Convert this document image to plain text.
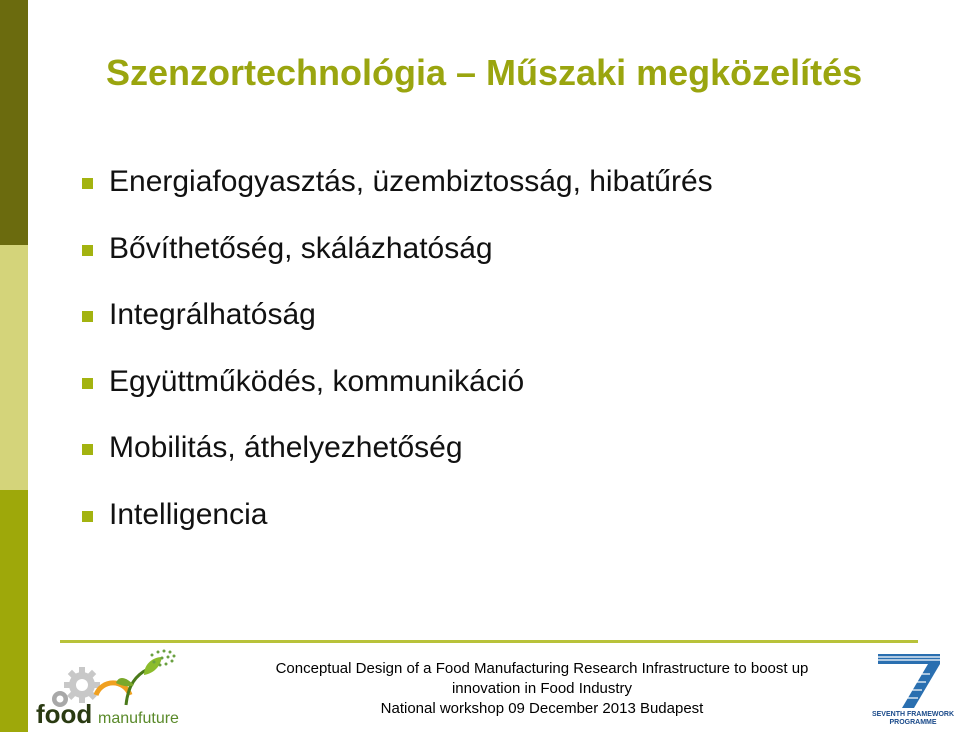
Szenzortechnológia – Műszaki megközelítés
Energiafogyasztás, üzembiztosság, hibatűrés
Bővíthetőség, skálázhatóság
Integrálhatóság
Együttműködés, kommunikáció
Mobilitás, áthelyezhetőség
Intelligencia
Conceptual Design of a Food Manufacturing Research Infrastructure to boost up
innovation in Food Industry
National workshop 09 December 2013 Budapest
food manufuture	SEVENTH FRAMEWORK
PROGRAMME
